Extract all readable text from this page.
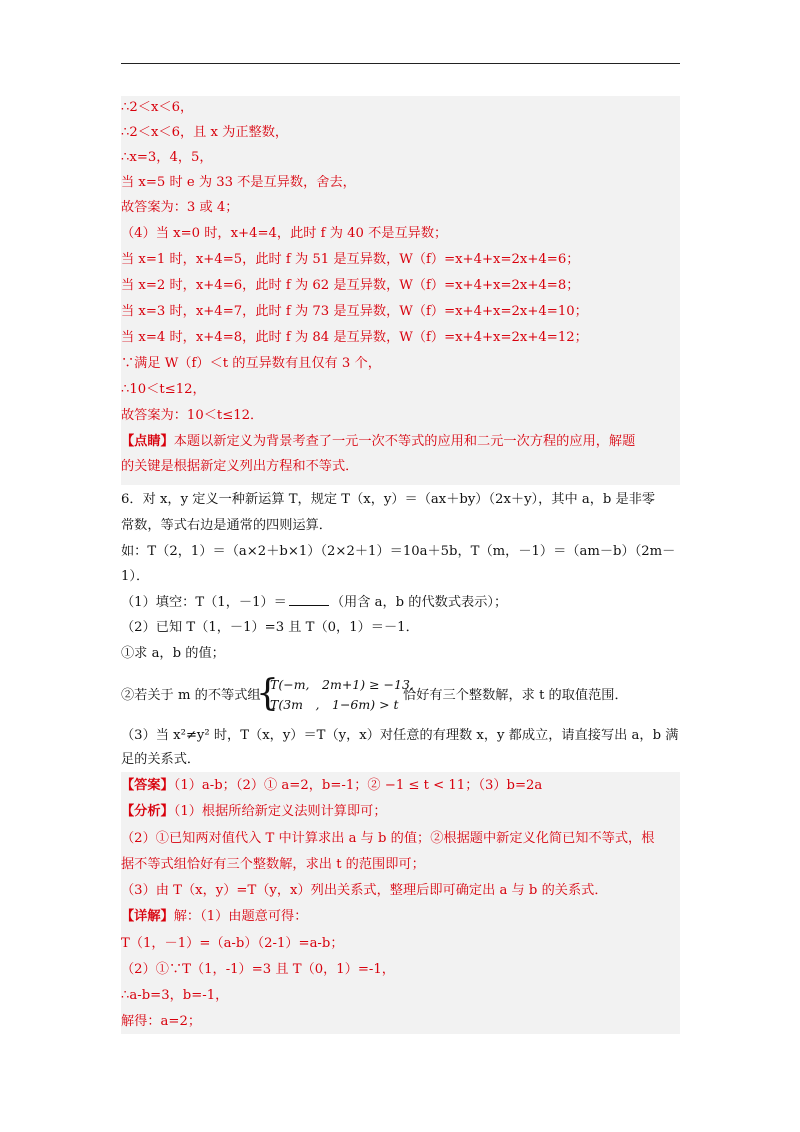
∴2＜x＜6，
∴2＜x＜6，且 x 为正整数，
∴x=3，4，5，
当 x=5 时 e 为 33 不是互异数，舍去，
故答案为：3 或 4；
（4）当 x=0 时，x+4=4，此时 f 为 40 不是互异数；
当 x=1 时，x+4=5，此时 f 为 51 是互异数，W（f）=x+4+x=2x+4=6；
当 x=2 时，x+4=6，此时 f 为 62 是互异数，W（f）=x+4+x=2x+4=8；
当 x=3 时，x+4=7，此时 f 为 73 是互异数，W（f）=x+4+x=2x+4=10；
当 x=4 时，x+4=8，此时 f 为 84 是互异数，W（f）=x+4+x=2x+4=12；
∵满足 W（f）＜t 的互异数有且仅有 3 个，
∴10＜t≤12，
故答案为：10＜t≤12．
【点睛】本题以新定义为背景考查了一元一次不等式的应用和二元一次方程的应用，解题
的关键是根据新定义列出方程和不等式．
6．对 x，y 定义一种新运算 T，规定 T（x，y）＝（ax＋by）（2x＋y），其中 a，b 是非零
常数，等式右边是通常的四则运算．
如：T（2，1）＝（a×2＋b×1）（2×2＋1）＝10a＋5b，T（m，－1）＝（am－b）（2m－
1）．
（1）填空：T（1，－1）＝	（用含 a，b 的代数式表示）；
（2）已知 T（1，－1）=3 且 T（0，1）＝－1．
①求 a，b 的值；
②若关于 m 的不等式组
{
T(−m,　2m+1) ≥ −13,
T(3m　,　1−6m) > t
恰好有三个整数解，求 t 的取值范围．
（3）当 x²≠y² 时，T（x，y）＝T（y，x）对任意的有理数 x，y 都成立，请直接写出 a，b 满
足的关系式．
【答案】（1）a-b；（2）① a=2，b=-1；② −1 ≤ t < 11；（3）b=2a
【分析】（1）根据所给新定义法则计算即可；
（2）①已知两对值代入 T 中计算求出 a 与 b 的值；②根据题中新定义化简已知不等式，根
据不等式组恰好有三个整数解，求出 t 的范围即可；
（3）由 T（x，y）=T（y，x）列出关系式，整理后即可确定出 a 与 b 的关系式．
【详解】解：（1）由题意可得：
T（1，－1）=（a-b）（2-1）=a-b；
（2）①∵T（1，-1）=3 且 T（0，1）=-1，
∴a-b=3，b=-1，
解得：a=2；
